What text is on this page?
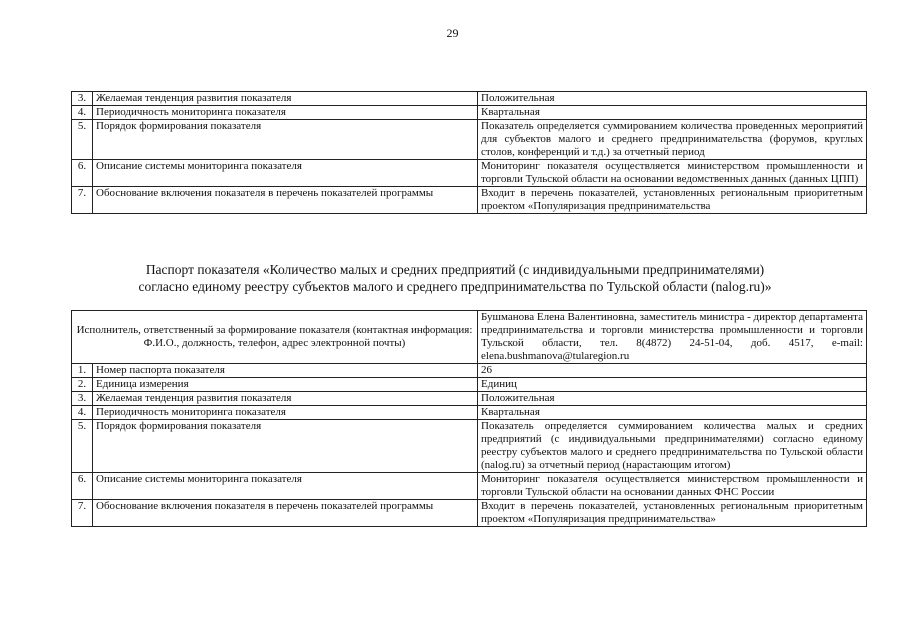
29
3.	Желаемая тенденция развития показателя	Положительная
4.	Периодичность мониторинга показателя	Квартальная
5.	Порядок формирования показателя	Показатель определяется суммированием количества проведенных мероприятий для субъектов малого и среднего предпринимательства (форумов, круглых столов, конференций и т.д.) за отчетный период
6.	Описание системы мониторинга показателя	Мониторинг показателя осуществляется министерством промышленности и торговли Тульской области на основании ведомственных данных (данных ЦПП)
7.	Обоснование включения показателя в перечень показателей программы	Входит в перечень показателей, установленных региональным приоритетным проектом «Популяризация предпринимательства
Паспорт показателя «Количество малых и средних предприятий (с индивидуальными предпринимателями)
согласно единому реестру субъектов малого и среднего предпринимательства по Тульской области (nalog.ru)»
Исполнитель, ответственный за формирование показателя (контактная информация: Ф.И.О., должность, телефон, адрес электронной почты)		Бушманова Елена Валентиновна, заместитель министра - директор департамента предпринимательства и торговли министерства промышленности и торговли Тульской области, тел. 8(4872) 24-51-04, доб. 4517, e-mail: elena.bushmanova@tularegion.ru
1.	Номер паспорта показателя	26
2.	Единица измерения	Единиц
3.	Желаемая тенденция развития показателя	Положительная
4.	Периодичность мониторинга показателя	Квартальная
5.	Порядок формирования показателя	Показатель определяется суммированием количества малых и средних предприятий (с индивидуальными предпринимателями) согласно единому реестру субъектов малого и среднего предпринимательства по Тульской области (nalog.ru) за отчетный период (нарастающим итогом)
6.	Описание системы мониторинга показателя	Мониторинг показателя осуществляется министерством промышленности и торговли Тульской области на основании данных ФНС России
7.	Обоснование включения показателя в перечень показателей программы	Входит в перечень показателей, установленных региональным приоритетным проектом «Популяризация предпринимательства»
